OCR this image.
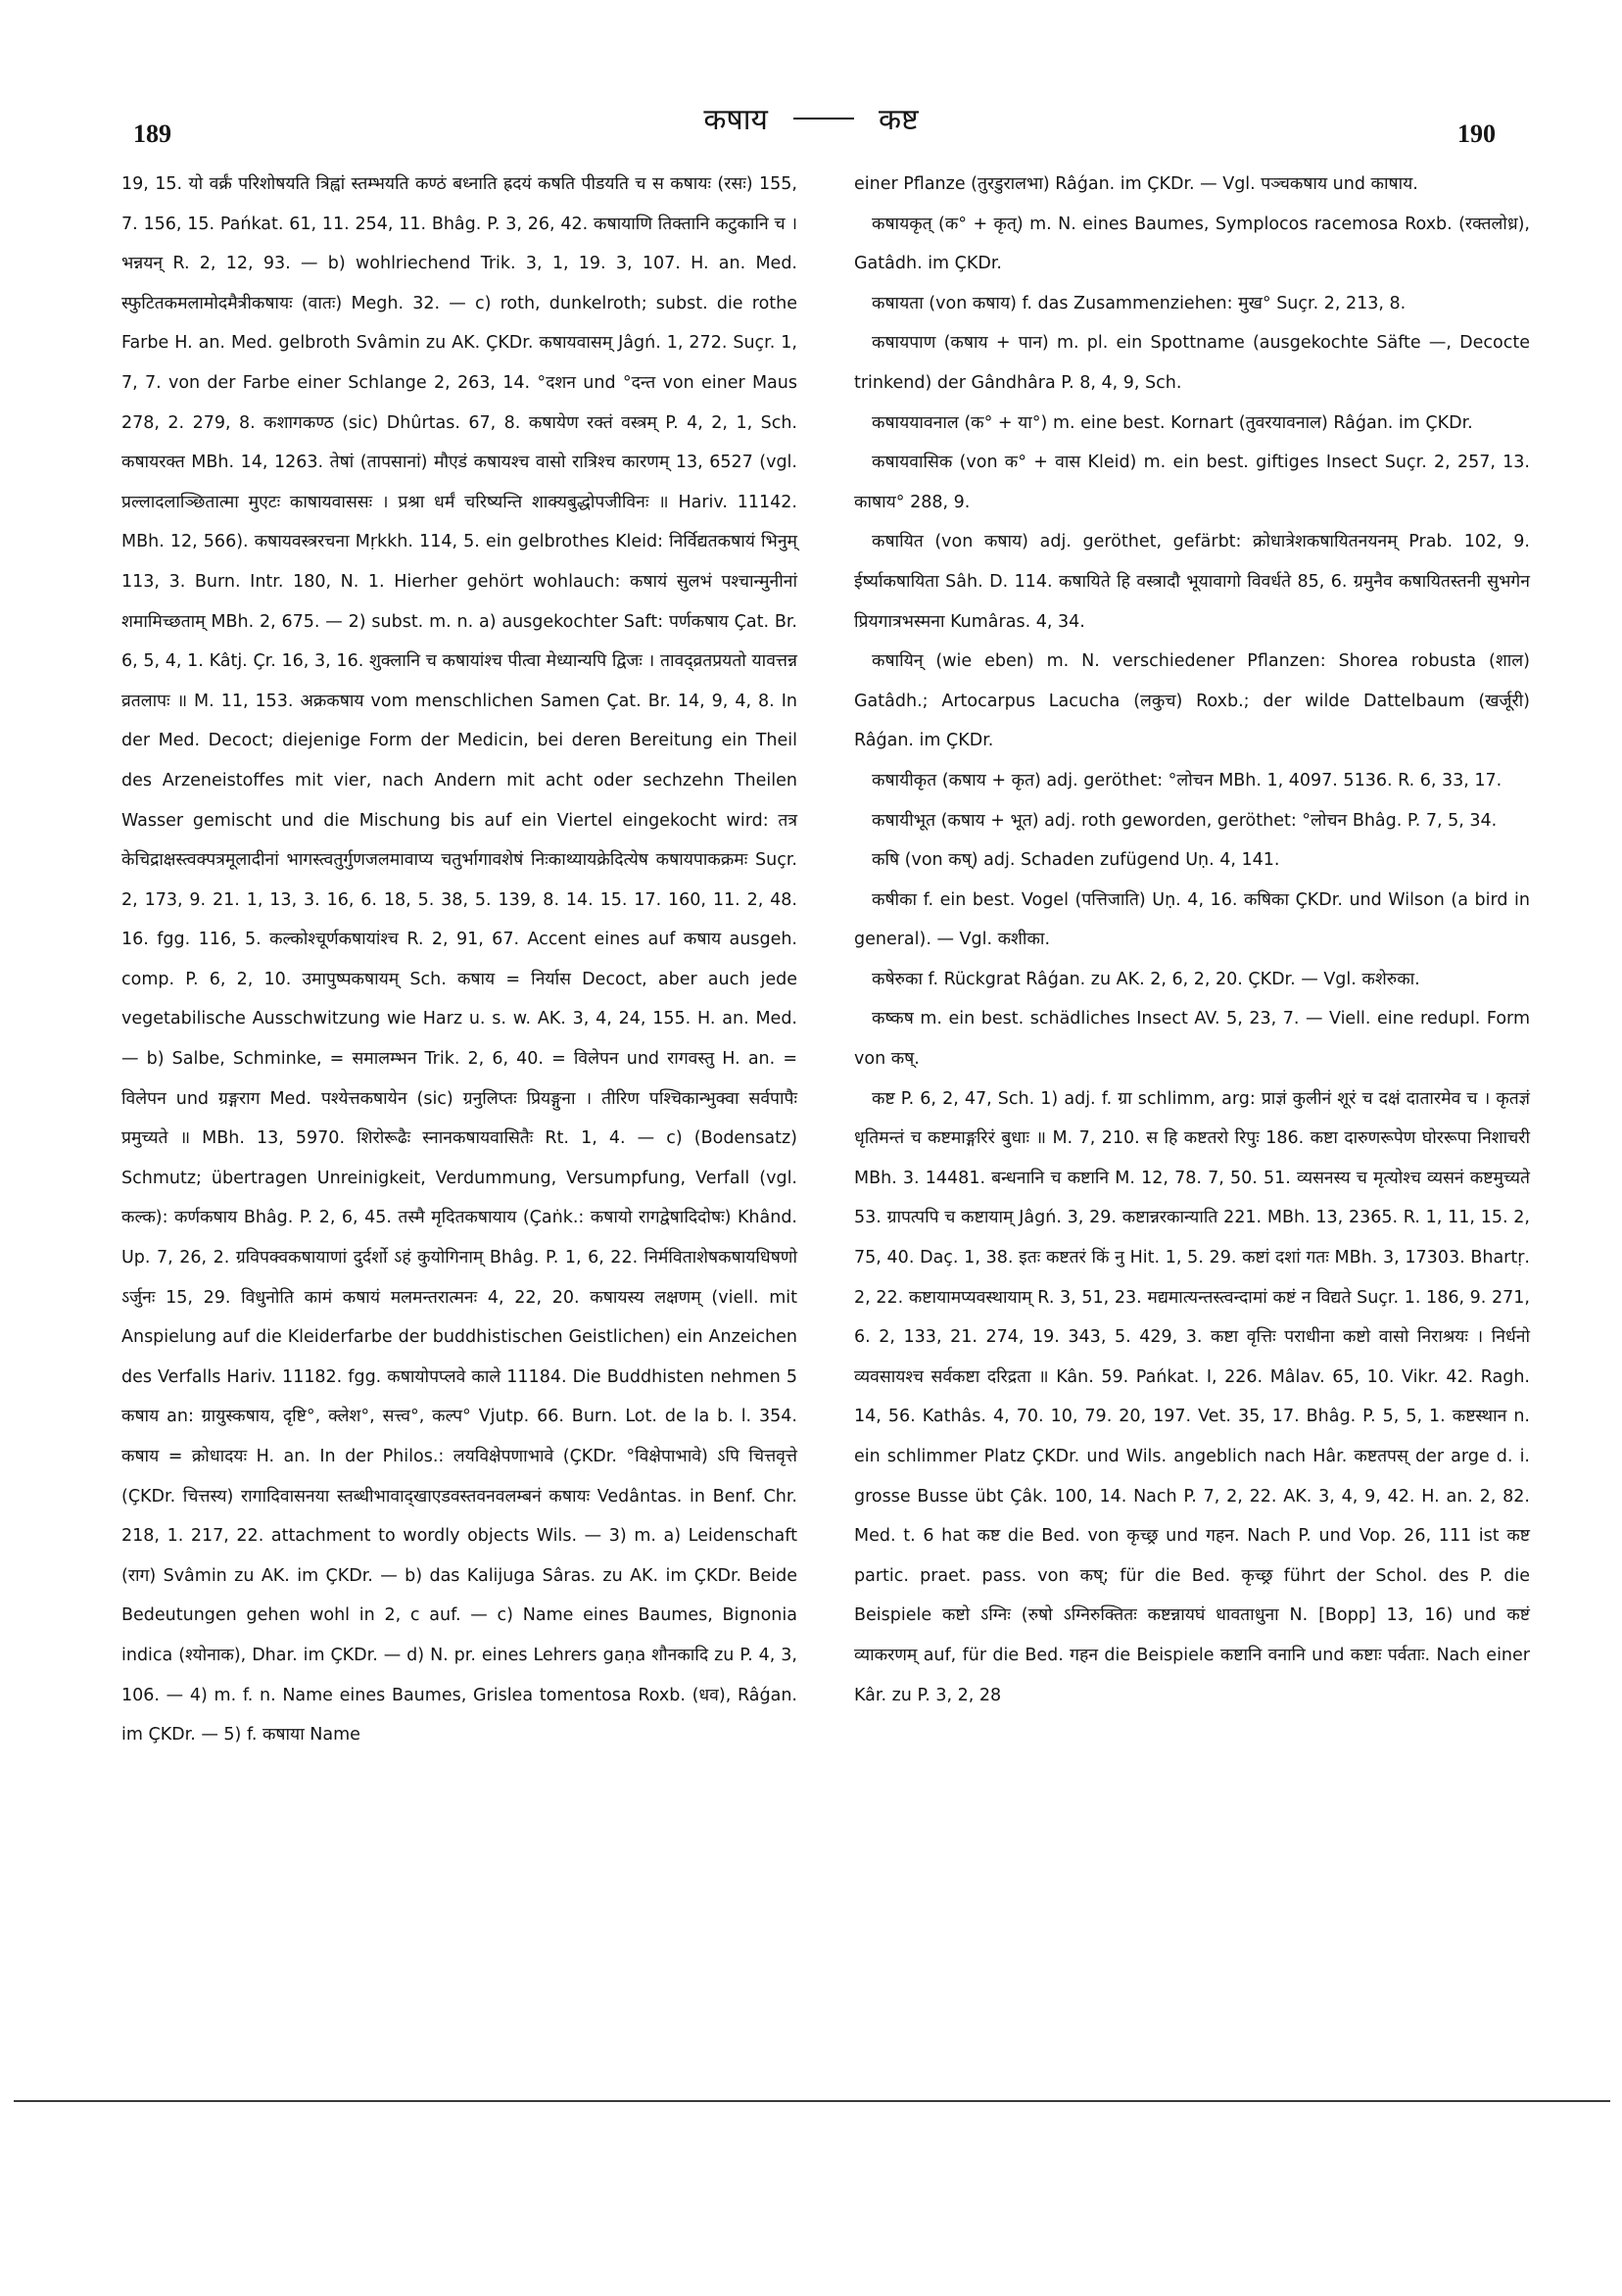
189	190
कषाय	कष्ट

19, 15. यो वर्क्रं परिशोषयति त्रिह्वां स्तम्भयति कण्ठं बध्नाति ह्रदयं कषति पीडयति च स कषायः (रसः) 155, 7. 156, 15. Pańkat. 61, 11. 254, 11. Bhâg. P. 3, 26, 42. कषायाणि तिक्तानि कटुकानि च । भन्नयन् R. 2, 12, 93. — b) wohlriechend Trik. 3, 1, 19. 3, 107. H. an. Med. स्फुटितकमलामोदमैत्रीकषायः (वातः) Megh. 32. — c) roth, dunkelroth; subst. die rothe Farbe H. an. Med. gelbroth Svâmin zu AK. ÇKDr. कषायवासम् Jâgń. 1, 272. Suçr. 1, 7, 7. von der Farbe einer Schlange 2, 263, 14. °दशन und °दन्त von einer Maus 278, 2. 279, 8. कशागकण्ठ (sic) Dhûrtas. 67, 8. कषायेण रक्तं वस्त्रम् P. 4, 2, 1, Sch. कषायरक्त MBh. 14, 1263. तेषां (तापसानां) मौएडं कषायश्च वासो रात्रिश्च कारणम् 13, 6527 (vgl. प्रल्लादलाञ्छितात्मा मुएटः काषायवाससः । प्रश्रा धर्मं चरिष्यन्ति शाक्यबुद्धोपजीविनः ॥ Hariv. 11142. MBh. 12, 566). कषायवस्त्ररचना Mṛkkh. 114, 5. ein gelbrothes Kleid: निर्विद्यतकषायं भिनुम् 113, 3. Burn. Intr. 180, N. 1. Hierher gehört wohlauch: कषायं सुलभं पश्चान्मुनीनां शमामिच्छताम् MBh. 2, 675. — 2) subst. m. n. a) ausgekochter Saft: पर्णकषाय Çat. Br. 6, 5, 4, 1. Kâtj. Çr. 16, 3, 16. शुक्लानि च कषायांश्च पीत्वा मेध्यान्यपि द्विजः । तावद्व्रतप्रयतो यावत्तन्न व्रतलापः ॥ M. 11, 153. अक्रकषाय vom menschlichen Samen Çat. Br. 14, 9, 4, 8. In der Med. Decoct; diejenige Form der Medicin, bei deren Bereitung ein Theil des Arzeneistoffes mit vier, nach Andern mit acht oder sechzehn Theilen Wasser gemischt und die Mischung bis auf ein Viertel eingekocht wird: तत्र केचिद्राक्षस्त्वक्पत्रमूलादीनां भागस्त्वतुर्गुणजलमावाप्य चतुर्भागावशेषं निःकाथ्यायक्रेदित्येष कषायपाकक्रमः Suçr. 2, 173, 9. 21. 1, 13, 3. 16, 6. 18, 5. 38, 5. 139, 8. 14. 15. 17. 160, 11. 2, 48. 16. fgg. 116, 5. कल्कोश्चूर्णकषायांश्च R. 2, 91, 67. Accent eines auf कषाय ausgeh. comp. P. 6, 2, 10. उमापुष्पकषायम् Sch. कषाय = निर्यास Decoct, aber auch jede vegetabilische Ausschwitzung wie Harz u. s. w. AK. 3, 4, 24, 155. H. an. Med. — b) Salbe, Schminke, = समालम्भन Trik. 2, 6, 40. = विलेपन und रागवस्तु H. an. = विलेपन und ग्रङ्गराग Med. पश्येत्तकषायेन (sic) ग्रनुलिप्तः प्रियङ्गुना । तीरिण पश्चिकान्भुक्वा सर्वपापैः प्रमुच्यते ॥ MBh. 13, 5970. शिरोरूढैः स्नानकषायवासितैः Rt. 1, 4. — c) (Bodensatz) Schmutz; übertragen Unreinigkeit, Verdummung, Versumpfung, Verfall (vgl. कल्क): कर्णकषाय Bhâg. P. 2, 6, 45. तस्मै मृदितकषायाय (Çaṅk.: कषायो रागद्वेषादिदोषः) Khând. Up. 7, 26, 2. ग्रविपक्वकषायाणां दुर्दर्शो ऽहं कुयोगिनाम् Bhâg. P. 1, 6, 22. निर्मविताशेषकषायधिषणो ऽर्जुनः 15, 29. विधुनोति कामं कषायं मलमन्तरात्मनः 4, 22, 20. कषायस्य लक्षणम् (viell. mit Anspielung auf die Kleiderfarbe der buddhistischen Geistlichen) ein Anzeichen des Verfalls Hariv. 11182. fgg. कषायोपप्लवे काले 11184. Die Buddhisten nehmen 5 कषाय an: ग्रायुस्कषाय, दृष्टि°, क्लेश°, सत्त्व°, कल्प° Vjutp. 66. Burn. Lot. de la b. l. 354. कषाय = क्रोधादयः H. an. In der Philos.: लयविक्षेपणाभावे (ÇKDr. °विक्षेपाभावे) ऽपि चित्तवृत्ते (ÇKDr. चित्तस्य) रागादिवासनया स्तब्धीभावाद्खाएडवस्तवनवलम्बनं कषायः Vedântas. in Benf. Chr. 218, 1. 217, 22. attachment to wordly objects Wils. — 3) m. a) Leidenschaft (राग) Svâmin zu AK. im ÇKDr. — b) das Kalijuga Sâras. zu AK. im ÇKDr. Beide Bedeutungen gehen wohl in 2, c auf. — c) Name eines Baumes, Bignonia indica (श्योनाक), Dhar. im ÇKDr. — d) N. pr. eines Lehrers gaṇa शौनकादि zu P. 4, 3, 106. — 4) m. f. n. Name eines Baumes, Grislea tomentosa Roxb. (धव), Râǵan. im ÇKDr. — 5) f. कषाया Name

einer Pflanze (तुरडुरालभा) Râǵan. im ÇKDr. — Vgl. पञ्चकषाय und काषाय.

कषायकृत् (क° + कृत्) m. N. eines Baumes, Symplocos racemosa Roxb. (रक्तलोध्र), Gatâdh. im ÇKDr.

कषायता (von कषाय) f. das Zusammenziehen: मुख° Suçr. 2, 213, 8.

कषायपाण (कषाय + पान) m. pl. ein Spottname (ausgekochte Säfte —, Decocte trinkend) der Gândhâra P. 8, 4, 9, Sch.

कषाययावनाल (क° + या°) m. eine best. Kornart (तुवरयावनाल) Râǵan. im ÇKDr.

कषायवासिक (von क° + वास Kleid) m. ein best. giftiges Insect Suçr. 2, 257, 13. काषाय° 288, 9.

कषायित (von कषाय) adj. geröthet, gefärbt: क्रोधात्रेशकषायितनयनम् Prab. 102, 9. ईर्ष्याकषायिता Sâh. D. 114. कषायिते हि वस्त्रादौ भूयावागो विवर्धते 85, 6. ग्रमुनैव कषायितस्तनी सुभगेन प्रियगात्रभस्मना Kumâras. 4, 34.

कषायिन् (wie eben) m. N. verschiedener Pflanzen: Shorea robusta (शाल) Gatâdh.; Artocarpus Lacucha (लकुच) Roxb.; der wilde Dattelbaum (खर्जूरी) Râǵan. im ÇKDr.

कषायीकृत (कषाय + कृत) adj. geröthet: °लोचन MBh. 1, 4097. 5136. R. 6, 33, 17.

कषायीभूत (कषाय + भूत) adj. roth geworden, geröthet: °लोचन Bhâg. P. 7, 5, 34.

कषि (von कष्) adj. Schaden zufügend Uṇ. 4, 141.

कषीका f. ein best. Vogel (पत्तिजाति) Uṇ. 4, 16. कषिका ÇKDr. und Wilson (a bird in general). — Vgl. कशीका.

कषेरुका f. Rückgrat Râǵan. zu AK. 2, 6, 2, 20. ÇKDr. — Vgl. कशेरुका.

कष्कष m. ein best. schädliches Insect AV. 5, 23, 7. — Viell. eine redupl. Form von कष्.

कष्ट P. 6, 2, 47, Sch. 1) adj. f. ग्रा schlimm, arg: प्राज्ञं कुलीनं शूरं च दक्षं दातारमेव च । कृतज्ञं धृतिमन्तं च कष्टमाङ्गरिरं बुधाः ॥ M. 7, 210. स हि कष्टतरो रिपुः 186. कष्टा दारुणरूपेण घोररूपा निशाचरी MBh. 3. 14481. बन्धनानि च कष्टानि M. 12, 78. 7, 50. 51. व्यसनस्य च मृत्योश्च व्यसनं कष्टमुच्यते 53. ग्रापत्पपि च कष्टायाम् Jâgń. 3, 29. कष्टान्नरकान्याति 221. MBh. 13, 2365. R. 1, 11, 15. 2, 75, 40. Daç. 1, 38. इतः कष्टतरं किं नु Hit. 1, 5. 29. कष्टां दशां गतः MBh. 3, 17303. Bhartṛ. 2, 22. कष्टायामप्यवस्थायाम् R. 3, 51, 23. मद्यमात्यन्तस्त्वन्दामां कष्टं न विद्यते Suçr. 1. 186, 9. 271, 6. 2, 133, 21. 274, 19. 343, 5. 429, 3. कष्टा वृत्तिः पराधीना कष्टो वासो निराश्रयः । निर्धनो व्यवसायश्च सर्वकष्टा दरिद्रता ॥ Kân. 59. Pańkat. I, 226. Mâlav. 65, 10. Vikr. 42. Ragh. 14, 56. Kathâs. 4, 70. 10, 79. 20, 197. Vet. 35, 17. Bhâg. P. 5, 5, 1. कष्टस्थान n. ein schlimmer Platz ÇKDr. und Wils. angeblich nach Hâr. कष्टतपस् der arge d. i. grosse Busse übt Çâk. 100, 14. Nach P. 7, 2, 22. AK. 3, 4, 9, 42. H. an. 2, 82. Med. t. 6 hat कष्ट die Bed. von कृच्छ्र und गहन. Nach P. und Vop. 26, 111 ist कष्ट partic. praet. pass. von कष्; für die Bed. कृच्छ्र führt der Schol. des P. die Beispiele कष्टो ऽग्निः (रुषो ऽग्निरुक्तितः कष्टन्नायघं धावताधुना N. [Bopp] 13, 16) und कष्टं व्याकरणम् auf, für die Bed. गहन die Beispiele कष्टानि वनानि und कष्टाः पर्वताः. Nach einer Kâr. zu P. 3, 2, 28
